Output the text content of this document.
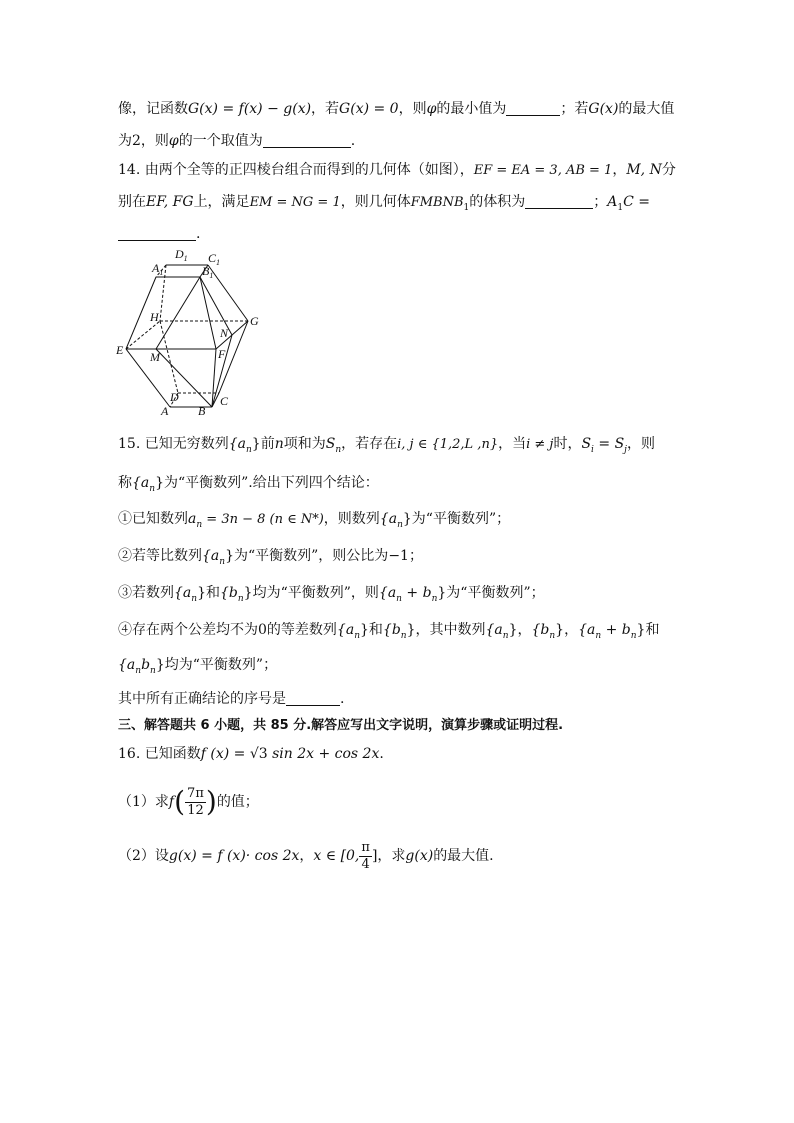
像，记函数G(x) = f(x) − g(x)，若G(x) = 0，则φ的最小值为	；若G(x)的最大值
为2，则φ的一个取值为	.
14. 由两个全等的正四棱台组合而得到的几何体（如图），EF = EA = 3, AB = 1，M, N分
别在EF, FG上，满足EM = NG = 1，则几何体$FMBNB_1$的体积为	；$A_1C$ =
.
$D_1$ $C_1$
$A_1$	$B_1$
H	G
N
E M	F
D	C
A B
15. 已知无穷数列$\{a_n\}$前n项和为$S_n$，若存在i, j ∈ {1,2,L ,n}，当i ≠ j时，$S_i = S_j$，则
称$\{a_n\}$为“平衡数列”.给出下列四个结论：
①已知数列$a_n = 3n - 8$ (n ∈ N*)，则数列$\{a_n\}$为“平衡数列”；
②若等比数列$\{a_n\}$为“平衡数列”，则公比为−1；
③若数列$\{a_n\}$和$\{b_n\}$均为“平衡数列”，则$\{a_n + b_n\}$为“平衡数列”；
④存在两个公差均不为0的等差数列$\{a_n\}$和$\{b_n\}$，其中数列$\{a_n\}$，$\{b_n\}$，$\{a_n + b_n\}$和
$\{a_nb_n\}$均为“平衡数列”；
其中所有正确结论的序号是	.
三、解答题共 6 小题，共 85 分.解答应写出文字说明，演算步骤或证明过程.
16. 已知函数f (x) = √3 sin 2x + cos 2x.
（1）求$f( \frac{7\pi}{12}$ )的值；
（2）设g(x) = f (x)· cos 2x，x ∈ [0, $\frac{\pi}{4}$ ]，求g(x)的最大值.
